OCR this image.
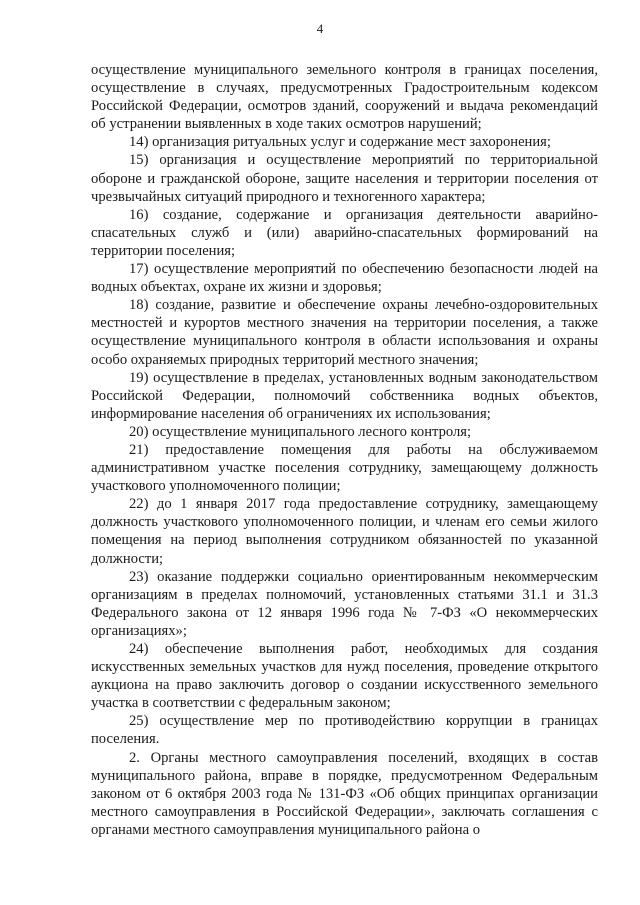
4

осуществление муниципального земельного контроля в границах поселения, осуществление в случаях, предусмотренных Градостроительным кодексом Российской Федерации, осмотров зданий, сооружений и выдача рекомендаций об устранении выявленных в ходе таких осмотров нарушений;

14) организация ритуальных услуг и содержание мест захоронения;

15) организация и осуществление мероприятий по территориальной обороне и гражданской обороне, защите населения и территории поселения от чрезвычайных ситуаций природного и техногенного характера;

16) создание, содержание и организация деятельности аварийно-спасательных служб и (или) аварийно-спасательных формирований на территории поселения;

17) осуществление мероприятий по обеспечению безопасности людей на водных объектах, охране их жизни и здоровья;

18) создание, развитие и обеспечение охраны лечебно-оздоровительных местностей и курортов местного значения на территории поселения, а также осуществление муниципального контроля в области использования и охраны особо охраняемых природных территорий местного значения;

19) осуществление в пределах, установленных водным законодательством Российской Федерации, полномочий собственника водных объектов, информирование населения об ограничениях их использования;

20) осуществление муниципального лесного контроля;

21) предоставление помещения для работы на обслуживаемом административном участке поселения сотруднику, замещающему должность участкового уполномоченного полиции;

22) до 1 января 2017 года предоставление сотруднику, замещающему должность участкового уполномоченного полиции, и членам его семьи жилого помещения на период выполнения сотрудником обязанностей по указанной должности;

23) оказание поддержки социально ориентированным некоммерческим организациям в пределах полномочий, установленных статьями 31.1 и 31.3 Федерального закона от 12 января 1996 года № 7-ФЗ «О некоммерческих организациях»;

24) обеспечение выполнения работ, необходимых для создания искусственных земельных участков для нужд поселения, проведение открытого аукциона на право заключить договор о создании искусственного земельного участка в соответствии с федеральным законом;

25) осуществление мер по противодействию коррупции в границах поселения.

2. Органы местного самоуправления поселений, входящих в состав муниципального района, вправе в порядке, предусмотренном Федеральным законом от 6 октября 2003 года № 131-ФЗ «Об общих принципах организации местного самоуправления в Российской Федерации», заключать соглашения с органами местного самоуправления муниципального района о
